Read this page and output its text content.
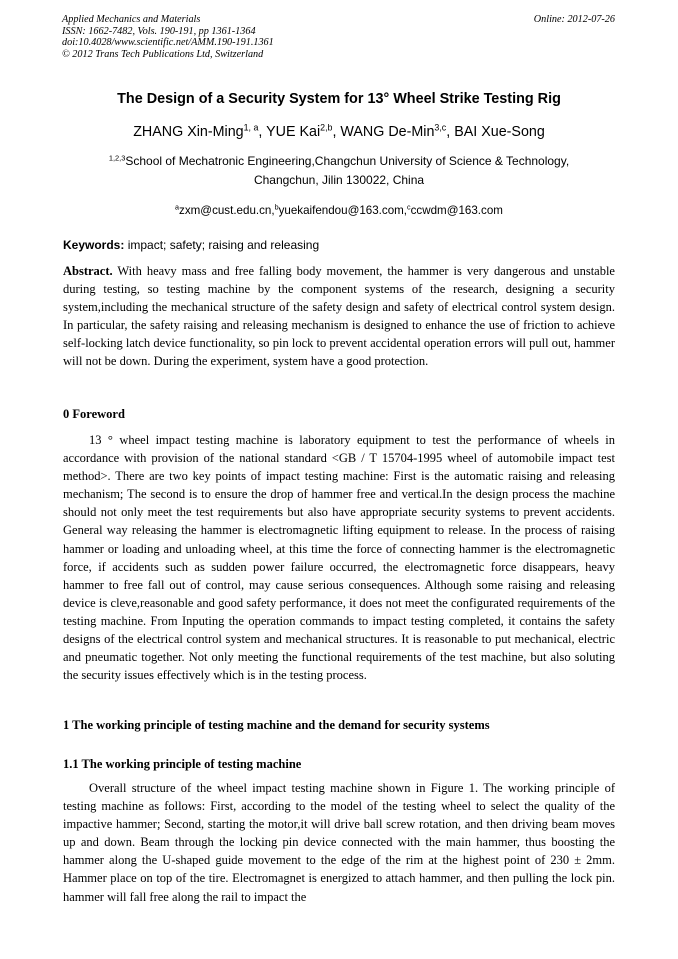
Applied Mechanics and Materials
ISSN: 1662-7482, Vols. 190-191, pp 1361-1364
doi:10.4028/www.scientific.net/AMM.190-191.1361
© 2012 Trans Tech Publications Ltd, Switzerland
Online: 2012-07-26
The Design of a Security System for 13° Wheel Strike Testing Rig
ZHANG Xin-Ming$^{1, a}$, YUE Kai$^{2,b}$, WANG De-Min$^{3,c}$, BAI Xue-Song
$^{1,2,3}$School of Mechatronic Engineering,Changchun University of Science & Technology,
Changchun, Jilin 130022, China
$^a$zxm@cust.edu.cn,$^b$yuekaifendou@163.com,$^c$ccwdm@163.com
Keywords: impact; safety; raising and releasing
Abstract. With heavy mass and free falling body movement, the hammer is very dangerous and unstable during testing, so testing machine by the component systems of the research, designing a security system,including the mechanical structure of the safety design and safety of electrical control system design. In particular, the safety raising and releasing mechanism is designed to enhance the use of friction to achieve self-locking latch device functionality, so pin lock to prevent accidental operation errors will pull out, hammer will not be down. During the experiment, system have a good protection.
0 Foreword
13 ° wheel impact testing machine is laboratory equipment to test the performance of wheels in accordance with provision of the national standard <GB / T 15704-1995 wheel of automobile impact test method>. There are two key points of impact testing machine: First is the automatic raising and releasing mechanism; The second is to ensure the drop of hammer free and vertical.In the design process the machine should not only meet the test requirements but also have appropriate security systems to prevent accidents. General way releasing the hammer is electromagnetic lifting equipment to release. In the process of raising hammer or loading and unloading wheel, at this time the force of connecting hammer is the electromagnetic force, if accidents such as sudden power failure occurred, the electromagnetic force disappears, heavy hammer to free fall out of control, may cause serious consequences. Although some raising and releasing device is cleve,reasonable and good safety performance, it does not meet the configurated requirements of the testing machine. From Inputing the operation commands to impact testing completed, it contains the safety designs of the electrical control system and mechanical structures. It is reasonable to put mechanical, electric and pneumatic together. Not only meeting the functional requirements of the test machine, but also soluting the security issues effectively which is in the testing process.
1 The working principle of testing machine and the demand for security systems
1.1 The working principle of testing machine
Overall structure of the wheel impact testing machine shown in Figure 1. The working principle of testing machine as follows: First, according to the model of the testing wheel to select the quality of the impactive hammer; Second, starting the motor,it will drive ball screw rotation, and then driving beam moves up and down. Beam through the locking pin device connected with the main hammer, thus boosting the hammer along the U-shaped guide movement to the edge of the rim at the highest point of 230 ± 2mm. Hammer place on top of the tire. Electromagnet is energized to attach hammer, and then pulling the lock pin. hammer will fall free along the rail to impact the
